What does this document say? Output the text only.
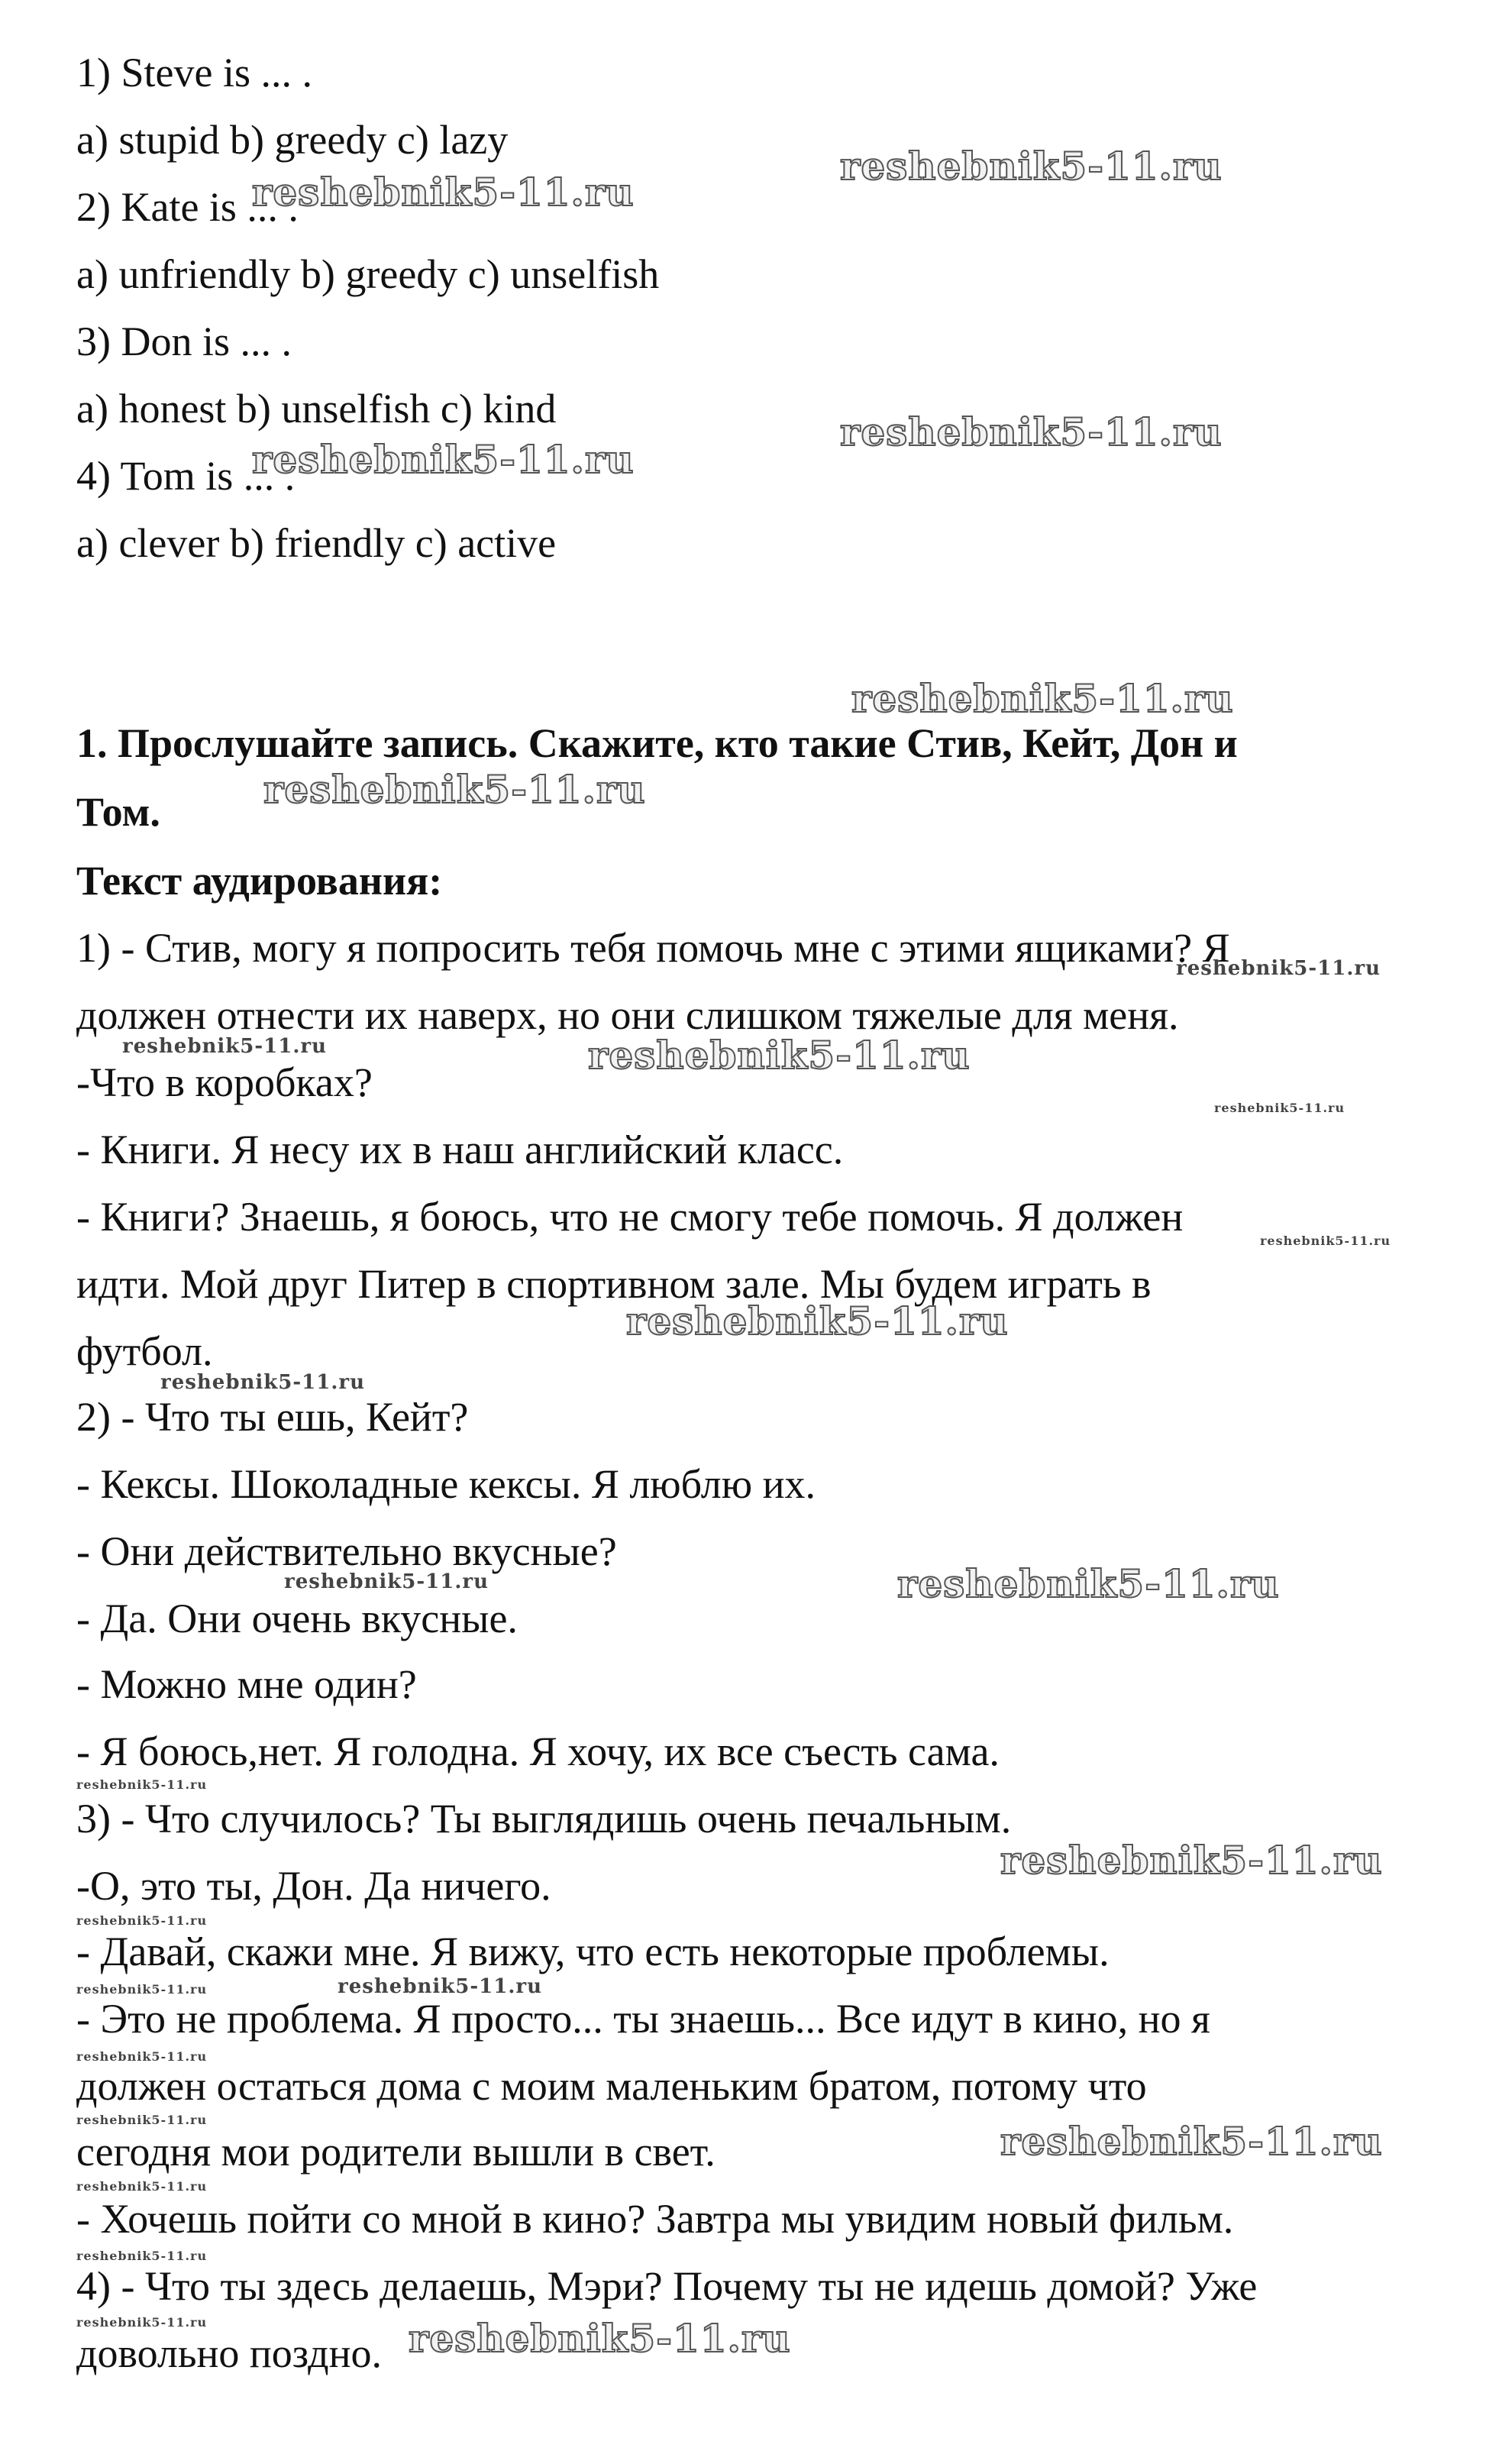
1) Steve is ... .
a) stupid b) greedy c) lazy
2) Kate is ... .
a) unfriendly b) greedy c) unselfish
3) Don is ... .
a) honest b) unselfish c) kind
4) Tom is ... .
a) clever b) friendly c) active
1. Прослушайте запись. Скажите, кто такие Стив, Кейт, Дон и
Том.
Текст аудирования:
1) - Стив, могу я попросить тебя помочь мне с этими ящиками? Я
должен отнести их наверх, но они слишком тяжелые для меня.
-Что в коробках?
- Книги. Я несу их в наш английский класс.
- Книги? Знаешь, я боюсь, что не смогу тебе помочь. Я должен
идти. Мой друг Питер в спортивном зале. Мы будем играть в
футбол.
2) - Что ты ешь, Кейт?
- Кексы. Шоколадные кексы. Я люблю их.
- Они действительно вкусные?
- Да. Они очень вкусные.
- Можно мне один?
- Я боюсь,нет. Я голодна. Я хочу, их все съесть сама.
3) - Что случилось? Ты выглядишь очень печальным.
-О, это ты, Дон. Да ничего.
- Давай, скажи мне. Я вижу, что есть некоторые проблемы.
- Это не проблема. Я просто... ты знаешь... Все идут в кино, но я
должен остаться дома с моим маленьким братом, потому что
сегодня мои родители вышли в свет.
- Хочешь пойти со мной в кино? Завтра мы увидим новый фильм.
4) - Что ты здесь делаешь, Мэри? Почему ты не идешь домой? Уже
довольно поздно.
reshebnik5-11.ru
reshebnik5-11.ru
reshebnik5-11.ru
reshebnik5-11.ru
reshebnik5-11.ru
reshebnik5-11.ru
reshebnik5-11.ru
reshebnik5-11.ru	reshebnik5-11.ru
reshebnik5-11.ru
reshebnik5-11.ru
reshebnik5-11.ru
reshebnik5-11.ru
reshebnik5-11.ru	reshebnik5-11.ru
reshebnik5-11.ru
reshebnik5-11.ru
reshebnik5-11.ru
reshebnik5-11.ru
reshebnik5-11.ru
reshebnik5-11.ru
reshebnik5-11.ru	reshebnik5-11.ru
reshebnik5-11.ru
reshebnik5-11.ru
reshebnik5-11.ru	reshebnik5-11.ru
